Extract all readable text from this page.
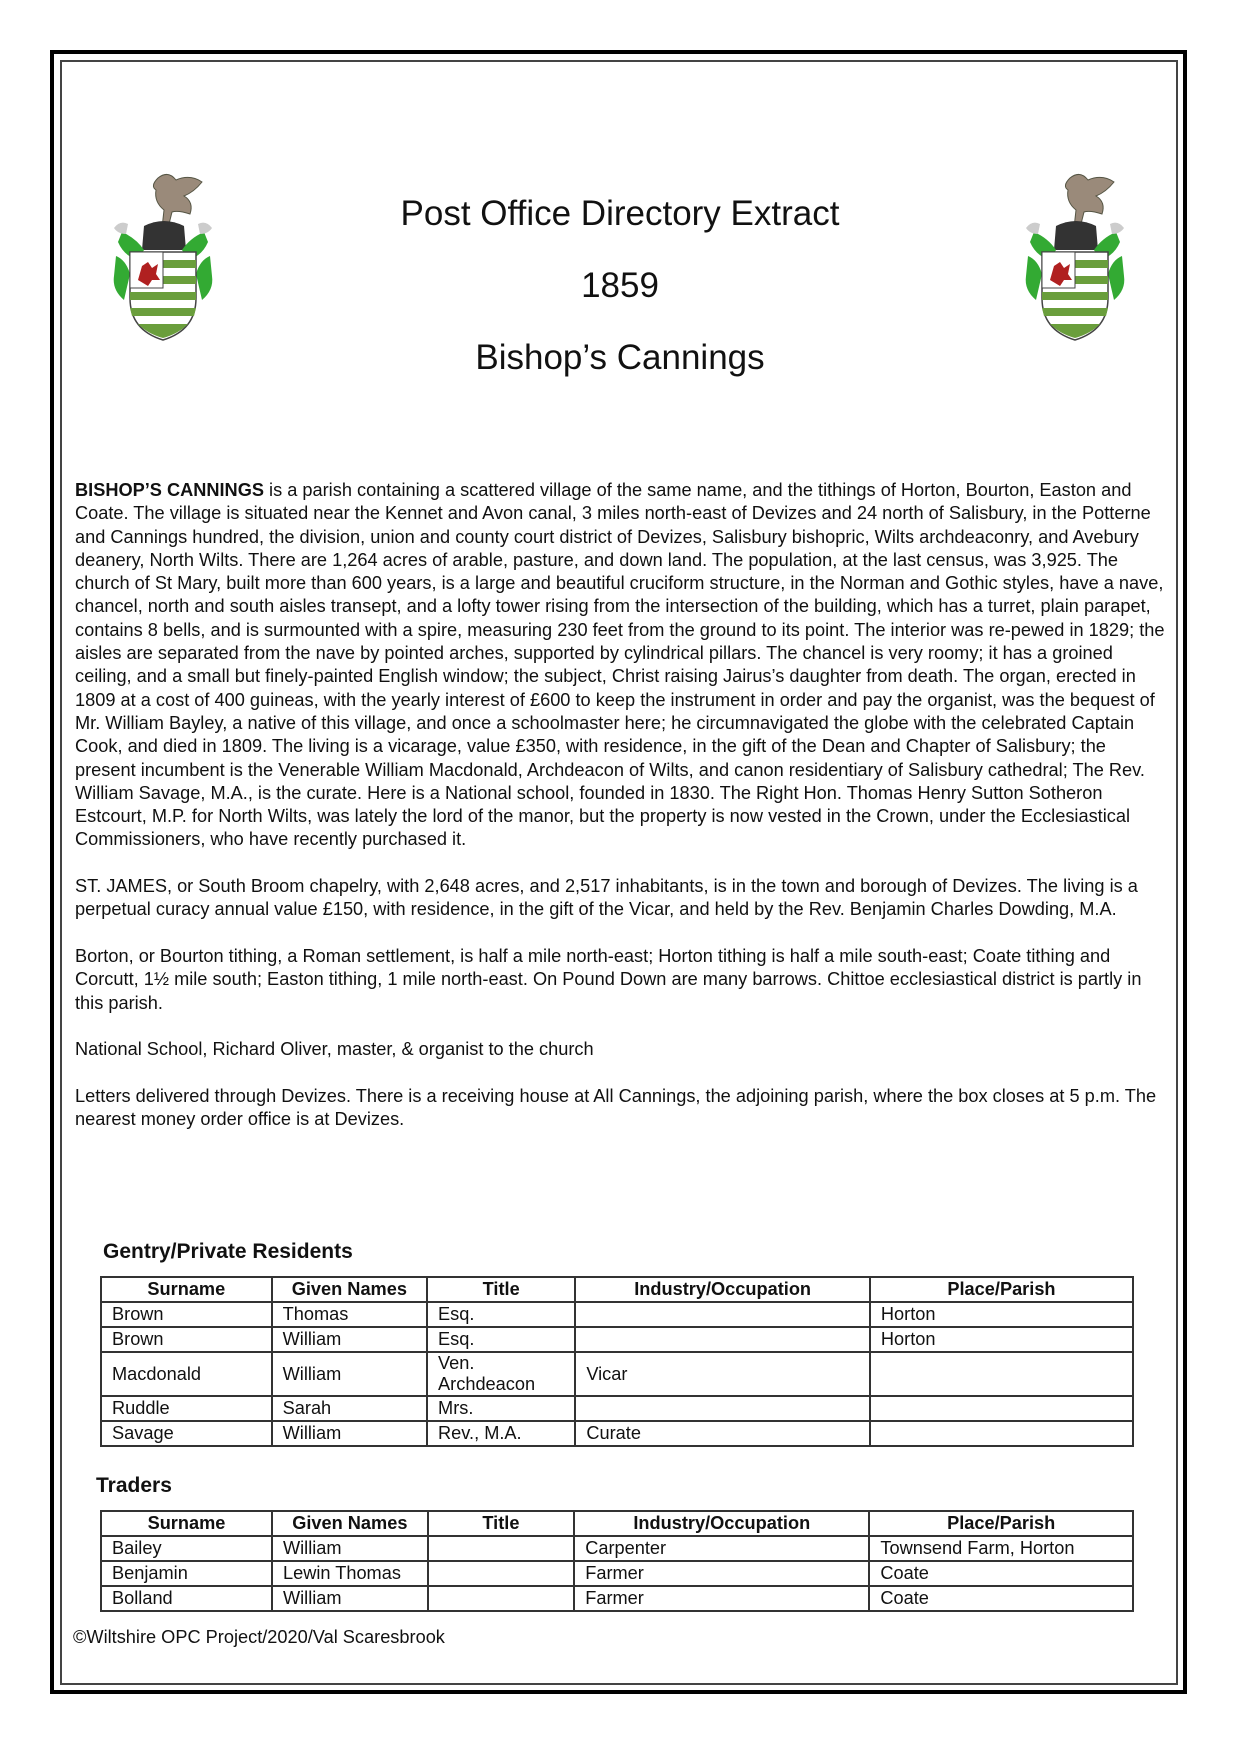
Post Office Directory Extract
1859
Bishop’s Cannings

BISHOP’S CANNINGS is a parish containing a scattered village of the same name, and the tithings of Horton, Bourton, Easton and Coate. The village is situated near the Kennet and Avon canal, 3 miles north-east of Devizes and 24 north of Salisbury, in the Potterne and Cannings hundred, the division, union and county court district of Devizes, Salisbury bishopric, Wilts archdeaconry, and Avebury deanery, North Wilts. There are 1,264 acres of arable, pasture, and down land. The population, at the last census, was 3,925. The church of St Mary, built more than 600 years, is a large and beautiful cruciform structure, in the Norman and Gothic styles, have a nave, chancel, north and south aisles transept, and a lofty tower rising from the intersection of the building, which has a turret, plain parapet, contains 8 bells, and is surmounted with a spire, measuring 230 feet from the ground to its point. The interior was re-pewed in 1829; the aisles are separated from the nave by pointed arches, supported by cylindrical pillars. The chancel is very roomy; it has a groined ceiling, and a small but finely-painted English window; the subject, Christ raising Jairus’s daughter from death. The organ, erected in 1809 at a cost of 400 guineas, with the yearly interest of £600 to keep the instrument in order and pay the organist, was the bequest of Mr. William Bayley, a native of this village, and once a schoolmaster here; he circumnavigated the globe with the celebrated Captain Cook, and died in 1809. The living is a vicarage, value £350, with residence, in the gift of the Dean and Chapter of Salisbury; the present incumbent is the Venerable William Macdonald, Archdeacon of Wilts, and canon residentiary of Salisbury cathedral; The Rev. William Savage, M.A., is the curate. Here is a National school, founded in 1830. The Right Hon. Thomas Henry Sutton Sotheron Estcourt, M.P. for North Wilts, was lately the lord of the manor, but the property is now vested in the Crown, under the Ecclesiastical Commissioners, who have recently purchased it.

ST. JAMES, or South Broom chapelry, with 2,648 acres, and 2,517 inhabitants, is in the town and borough of Devizes. The living is a perpetual curacy annual value £150, with residence, in the gift of the Vicar, and held by the Rev. Benjamin Charles Dowding, M.A.

Borton, or Bourton tithing, a Roman settlement, is half a mile north-east; Horton tithing is half a mile south-east; Coate tithing and Corcutt, 1½ mile south; Easton tithing, 1 mile north-east. On Pound Down are many barrows. Chittoe ecclesiastical district is partly in this parish.

National School, Richard Oliver, master, & organist to the church

Letters delivered through Devizes. There is a receiving house at All Cannings, the adjoining parish, where the box closes at 5 p.m. The nearest money order office is at Devizes.

Gentry/Private Residents
Surname	Given Names	Title	Industry/Occupation	Place/Parish
Brown	Thomas	Esq.		Horton
Brown	William	Esq.		Horton
Macdonald	William	Ven. Archdeacon	Vicar	
Ruddle	Sarah	Mrs.		
Savage	William	Rev., M.A.	Curate	
Traders
Surname	Given Names	Title	Industry/Occupation	Place/Parish
Bailey	William		Carpenter	Townsend Farm, Horton
Benjamin	Lewin Thomas		Farmer	Coate
Bolland	William		Farmer	Coate
©Wiltshire OPC Project/2020/Val Scaresbrook
